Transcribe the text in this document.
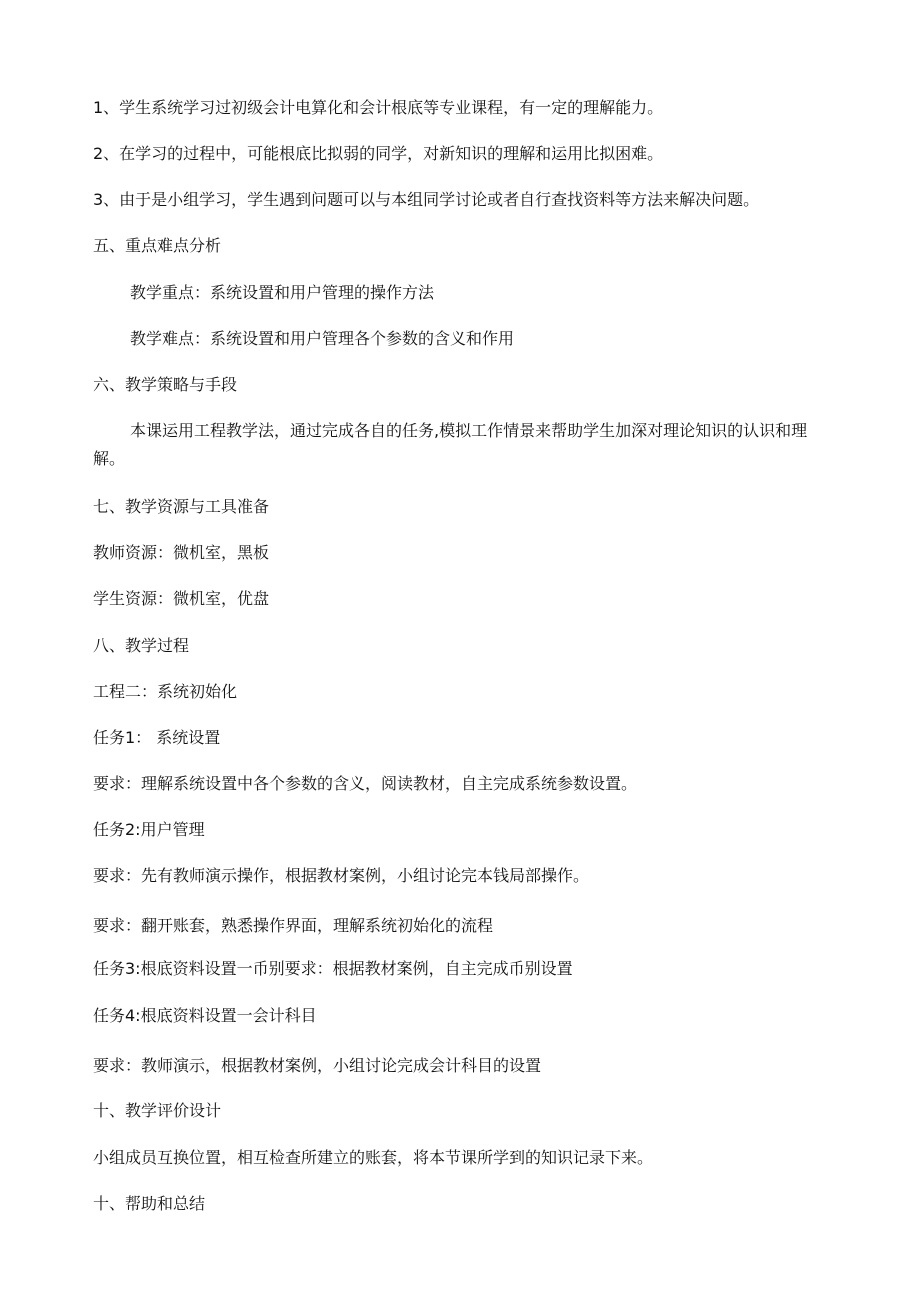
1、学生系统学习过初级会计电算化和会计根底等专业课程，有一定的理解能力。
2、在学习的过程中，可能根底比拟弱的同学，对新知识的理解和运用比拟困难。
3、由于是小组学习，学生遇到问题可以与本组同学讨论或者自行查找资料等方法来解决问题。
五、重点难点分析
教学重点：系统设置和用户管理的操作方法
教学难点：系统设置和用户管理各个参数的含义和作用
六、教学策略与手段
本课运用工程教学法，通过完成各自的任务,模拟工作情景来帮助学生加深对理论知识的认识和理解。
七、教学资源与工具准备
教师资源：微机室，黑板
学生资源：微机室，优盘
八、教学过程
工程二：系统初始化
任务1： 系统设置
要求：理解系统设置中各个参数的含义，阅读教材，自主完成系统参数设置。
任务2:用户管理
要求：先有教师演示操作，根据教材案例，小组讨论完本钱局部操作。
要求：翻开账套，熟悉操作界面，理解系统初始化的流程
任务3:根底资料设置一币别要求：根据教材案例，自主完成币别设置
任务4:根底资料设置一会计科目
要求：教师演示，根据教材案例，小组讨论完成会计科目的设置
十、教学评价设计
小组成员互换位置，相互检查所建立的账套，将本节课所学到的知识记录下来。
十、帮助和总结
